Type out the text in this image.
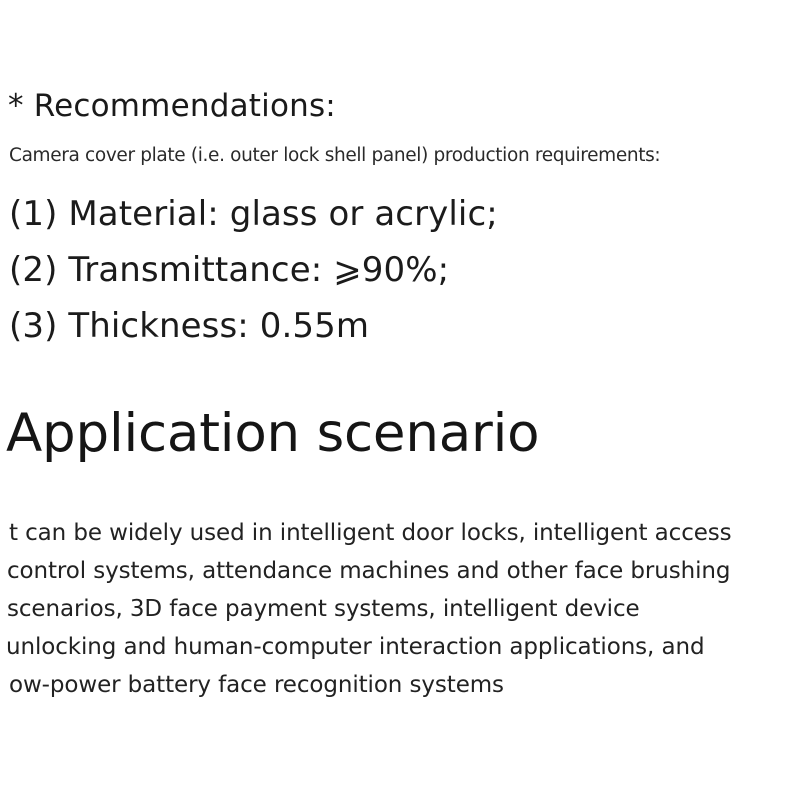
* Recommendations:
Camera cover plate (i.e. outer lock shell panel) production requirements:
(1) Material: glass or acrylic;
(2) Transmittance: ⩾90%;
(3) Thickness: 0.55m
Application scenario
t can be widely used in intelligent door locks, intelligent access
control systems, attendance machines and other face brushing
scenarios, 3D face payment systems, intelligent device
unlocking and human-computer interaction applications, and
ow-power battery face recognition systems
